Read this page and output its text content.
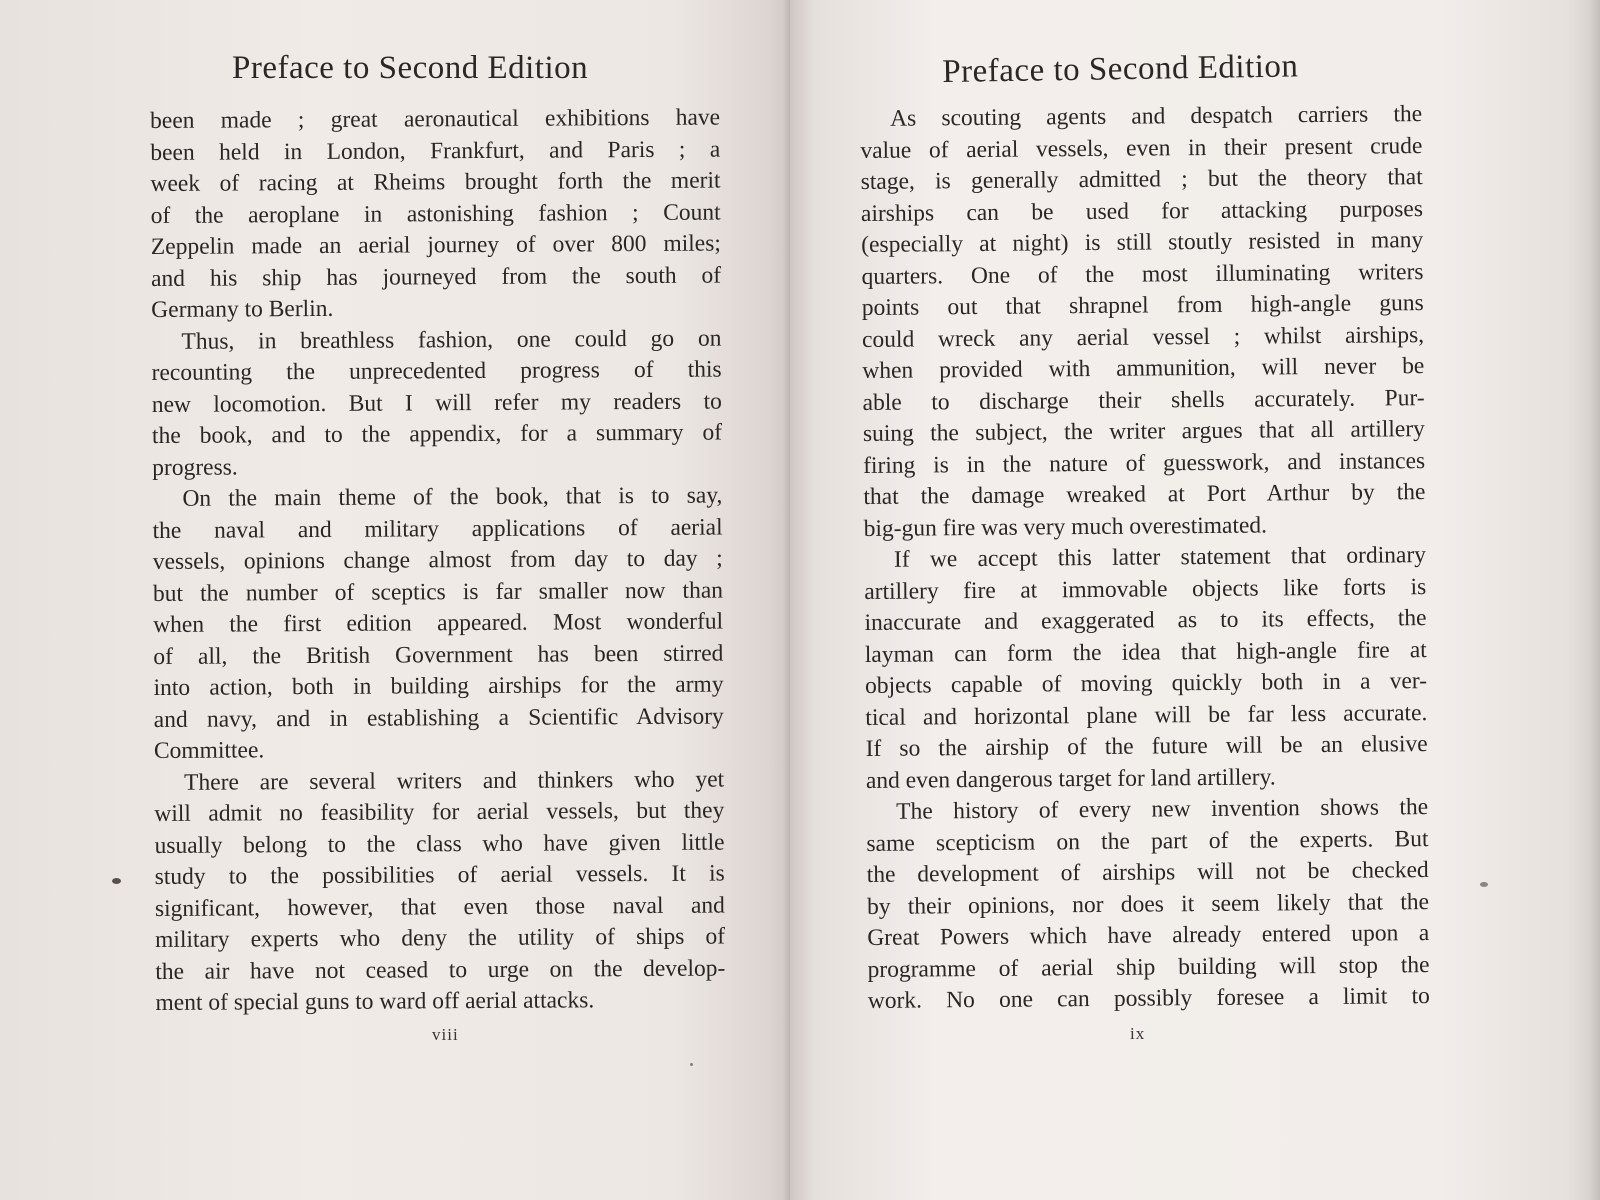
Preface to Second Edition
been made ; great aeronautical exhibitions have
been held in London, Frankfurt, and Paris ; a
week of racing at Rheims brought forth the merit
of the aeroplane in astonishing fashion ; Count
Zeppelin made an aerial journey of over 800 miles;
and his ship has journeyed from the south of
Germany to Berlin.
Thus, in breathless fashion, one could go on
recounting the unprecedented progress of this
new locomotion. But I will refer my readers to
the book, and to the appendix, for a summary of
progress.
On the main theme of the book, that is to say,
the naval and military applications of aerial
vessels, opinions change almost from day to day ;
but the number of sceptics is far smaller now than
when the first edition appeared. Most wonderful
of all, the British Government has been stirred
into action, both in building airships for the army
and navy, and in establishing a Scientific Advisory
Committee.
There are several writers and thinkers who yet
will admit no feasibility for aerial vessels, but they
usually belong to the class who have given little
study to the possibilities of aerial vessels. It is
significant, however, that even those naval and
military experts who deny the utility of ships of
the air have not ceased to urge on the develop-
ment of special guns to ward off aerial attacks.
viii
Preface to Second Edition
As scouting agents and despatch carriers the
value of aerial vessels, even in their present crude
stage, is generally admitted ; but the theory that
airships can be used for attacking purposes
(especially at night) is still stoutly resisted in many
quarters. One of the most illuminating writers
points out that shrapnel from high-angle guns
could wreck any aerial vessel ; whilst airships,
when provided with ammunition, will never be
able to discharge their shells accurately. Pur-
suing the subject, the writer argues that all artillery
firing is in the nature of guesswork, and instances
that the damage wreaked at Port Arthur by the
big-gun fire was very much overestimated.
If we accept this latter statement that ordinary
artillery fire at immovable objects like forts is
inaccurate and exaggerated as to its effects, the
layman can form the idea that high-angle fire at
objects capable of moving quickly both in a ver-
tical and horizontal plane will be far less accurate.
If so the airship of the future will be an elusive
and even dangerous target for land artillery.
The history of every new invention shows the
same scepticism on the part of the experts. But
the development of airships will not be checked
by their opinions, nor does it seem likely that the
Great Powers which have already entered upon a
programme of aerial ship building will stop the
work. No one can possibly foresee a limit to
ix
